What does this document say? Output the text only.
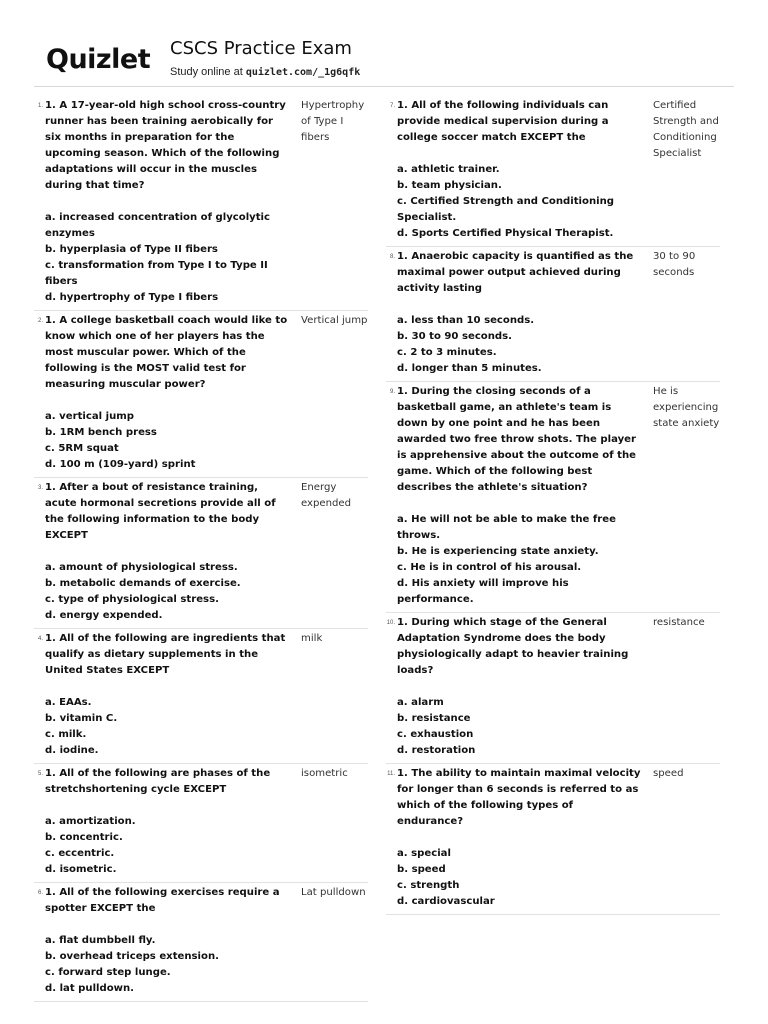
Quizlet CSCS Practice Exam
Study online at quizlet.com/_1g6qfk
1. 1. A 17-year-old high school cross-country runner has been training aerobically for six months in preparation for the upcoming season. Which of the following adaptations will occur in the muscles during that time?
a. increased concentration of glycolytic enzymes
b. hyperplasia of Type II fibers
c. transformation from Type I to Type II fibers
d. hypertrophy of Type I fibers
Hypertrophy of Type I fibers
2. 1. A college basketball coach would like to know which one of her players has the most muscular power. Which of the following is the MOST valid test for measuring muscular power?
a. vertical jump
b. 1RM bench press
c. 5RM squat
d. 100 m (109-yard) sprint
Vertical jump
3. 1. After a bout of resistance training, acute hormonal secretions provide all of the following information to the body EXCEPT
a. amount of physiological stress.
b. metabolic demands of exercise.
c. type of physiological stress.
d. energy expended.
Energy expended
4. 1. All of the following are ingredients that qualify as dietary supplements in the United States EXCEPT
a. EAAs.
b. vitamin C.
c. milk.
d. iodine.
milk
5. 1. All of the following are phases of the stretchshortening cycle EXCEPT
a. amortization.
b. concentric.
c. eccentric.
d. isometric.
isometric
6. 1. All of the following exercises require a spotter EXCEPT the
a. flat dumbbell fly.
b. overhead triceps extension.
c. forward step lunge.
d. lat pulldown.
Lat pulldown
7. 1. All of the following individuals can provide medical supervision during a college soccer match EXCEPT the
a. athletic trainer.
b. team physician.
c. Certified Strength and Conditioning Specialist.
d. Sports Certified Physical Therapist.
Certified Strength and Conditioning Specialist
8. 1. Anaerobic capacity is quantified as the maximal power output achieved during activity lasting
a. less than 10 seconds.
b. 30 to 90 seconds.
c. 2 to 3 minutes.
d. longer than 5 minutes.
30 to 90 seconds
9. 1. During the closing seconds of a basketball game, an athlete's team is down by one point and he has been awarded two free throw shots. The player is apprehensive about the outcome of the game. Which of the following best describes the athlete's situation?
a. He will not be able to make the free throws.
b. He is experiencing state anxiety.
c. He is in control of his arousal.
d. His anxiety will improve his performance.
He is experiencing state anxiety
10. 1. During which stage of the General Adaptation Syndrome does the body physiologically adapt to heavier training loads?
a. alarm
b. resistance
c. exhaustion
d. restoration
resistance
11. 1. The ability to maintain maximal velocity for longer than 6 seconds is referred to as which of the following types of endurance?
a. special
b. speed
c. strength
d. cardiovascular
speed
